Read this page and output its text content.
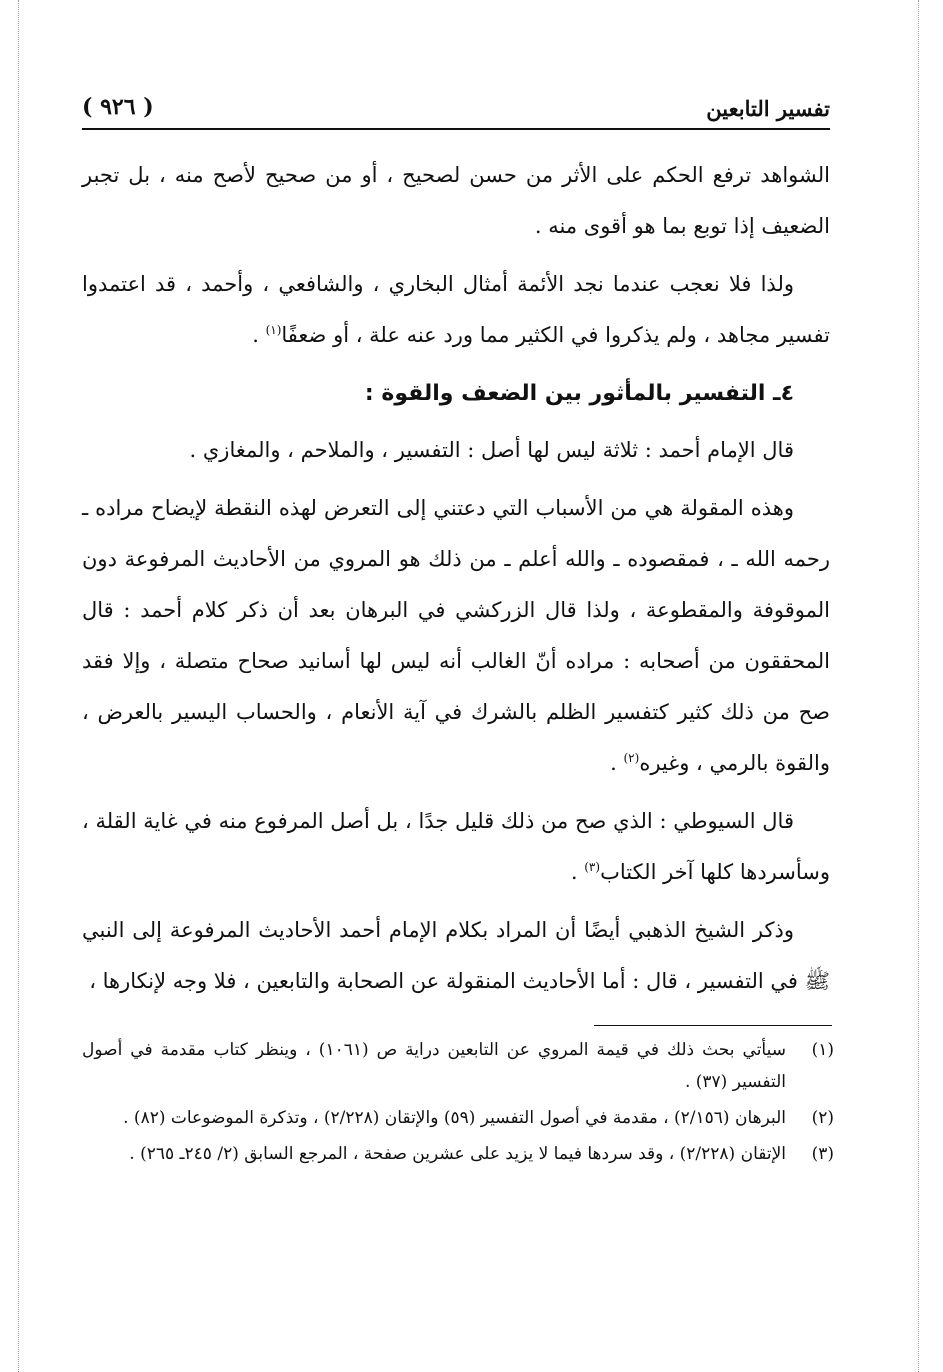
تفسير التابعين
( ٩٢٦ )

الشواهد ترفع الحكم على الأثر من حسن لصحيح ، أو من صحيح لأصح منه ، بل تجبر الضعيف إذا توبع بما هو أقوى منه .

ولذا فلا نعجب عندما نجد الأئمة أمثال البخاري ، والشافعي ، وأحمد ، قد اعتمدوا تفسير مجاهد ، ولم يذكروا في الكثير مما ورد عنه علة ، أو ضعفًا$^{(١)}$ .

٤ـ التفسير بالمأثور بين الضعف والقوة :

قال الإمام أحمد : ثلاثة ليس لها أصل : التفسير ، والملاحم ، والمغازي .

وهذه المقولة هي من الأسباب التي دعتني إلى التعرض لهذه النقطة لإيضاح مراده ـ رحمه الله ـ ، فمقصوده ـ والله أعلم ـ من ذلك هو المروي من الأحاديث المرفوعة دون الموقوفة والمقطوعة ، ولذا قال الزركشي في البرهان بعد أن ذكر كلام أحمد : قال المحققون من أصحابه : مراده أنّ الغالب أنه ليس لها أسانيد صحاح متصلة ، وإلا فقد صح من ذلك كثير كتفسير الظلم بالشرك في آية الأنعام ، والحساب اليسير بالعرض ، والقوة بالرمي ، وغيره$^{(٢)}$ .

قال السيوطي : الذي صح من ذلك قليل جدًا ، بل أصل المرفوع منه في غاية القلة ، وسأسردها كلها آخر الكتاب$^{(٣)}$ .

وذكر الشيخ الذهبي أيضًا أن المراد بكلام الإمام أحمد الأحاديث المرفوعة إلى النبي ﷺ في التفسير ، قال : أما الأحاديث المنقولة عن الصحابة والتابعين ، فلا وجه لإنكارها ،

(١)
سيأتي بحث ذلك في قيمة المروي عن التابعين دراية ص (١٠٦١) ، وينظر كتاب مقدمة في أصول التفسير (٣٧) .

(٢)
البرهان (٢/١٥٦) ، مقدمة في أصول التفسير (٥٩) والإتقان (٢/٢٢٨) ، وتذكرة الموضوعات (٨٢) .

(٣)
الإتقان (٢/٢٢٨) ، وقد سردها فيما لا يزيد على عشرين صفحة ، المرجع السابق (٢/ ٢٤٥ـ ٢٦٥) .
